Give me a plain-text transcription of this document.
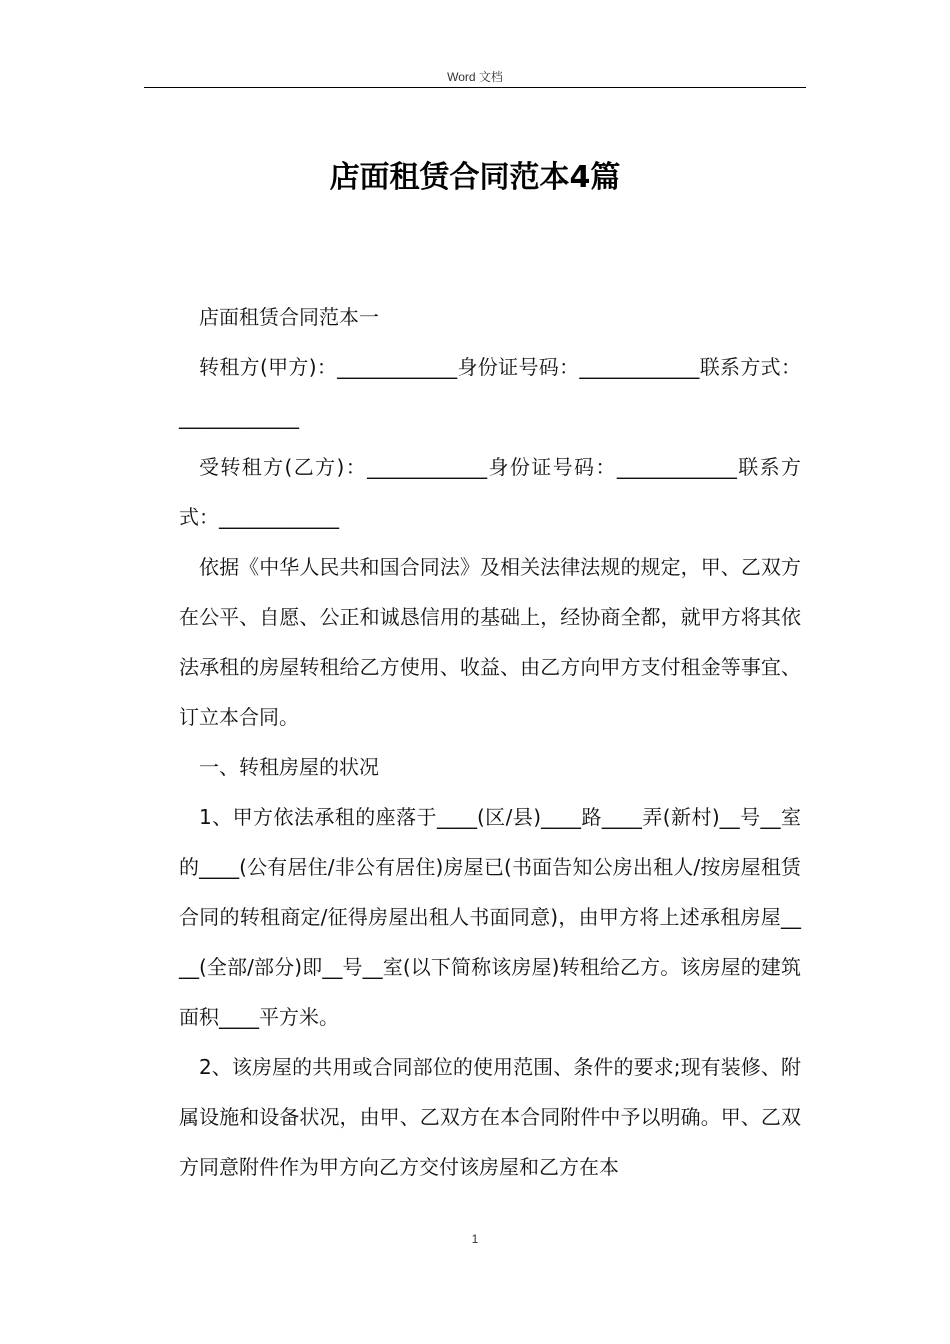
Word 文档
店面租赁合同范本4篇

店面租赁合同范本一

转租方(甲方)：____________身份证号码：____________联系方式：____________

受转租方(乙方)：____________身份证号码：____________联系方式：____________

依据《中华人民共和国合同法》及相关法律法规的规定，甲、乙双方在公平、自愿、公正和诚恳信用的基础上，经协商全都，就甲方将其依法承租的房屋转租给乙方使用、收益、由乙方向甲方支付租金等事宜、订立本合同。

一、转租房屋的状况

1、甲方依法承租的座落于____(区/县)____路____弄(新村)__号__室的____(公有居住/非公有居住)房屋已(书面告知公房出租人/按房屋租赁合同的转租商定/征得房屋出租人书面同意)，由甲方将上述承租房屋____(全部/部分)即__号__室(以下简称该房屋)转租给乙方。该房屋的建筑面积____平方米。

2、该房屋的共用或合同部位的使用范围、条件的要求;现有装修、附属设施和设备状况，由甲、乙双方在本合同附件中予以明确。甲、乙双方同意附件作为甲方向乙方交付该房屋和乙方在本

1
